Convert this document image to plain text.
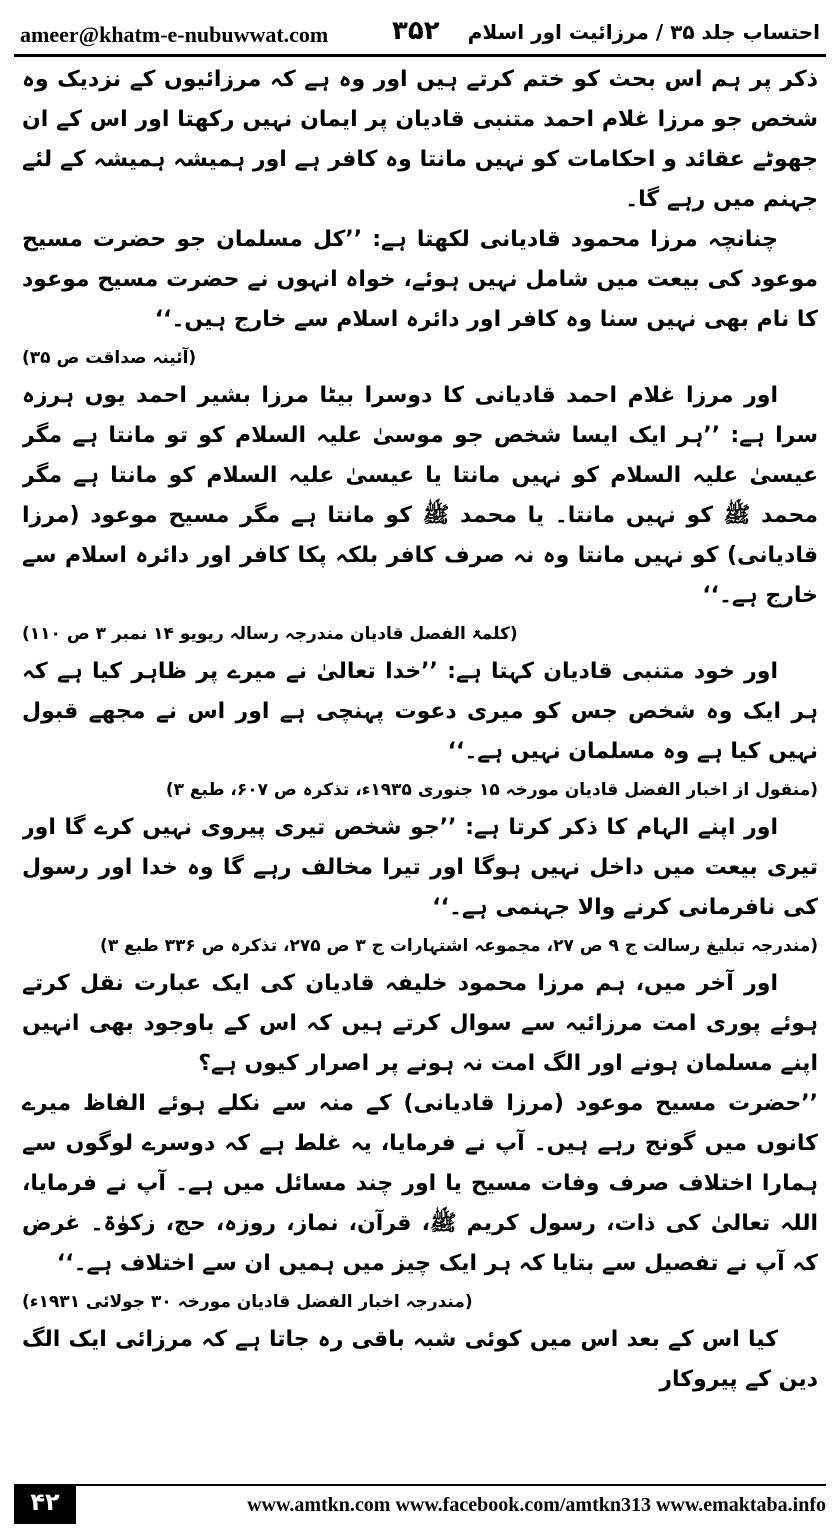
ameer@khatm-e-nubuwwat.com ۳۵۲ احتساب جلد ۳۵ / مرزائیت اور اسلام

ذکر پر ہم اس بحث کو ختم کرتے ہیں اور وہ ہے کہ مرزائیوں کے نزدیک وہ شخص جو مرزا غلام احمد متنبی قادیان پر ایمان نہیں رکھتا اور اس کے ان جھوٹے عقائد و احکامات کو نہیں مانتا وہ کافر ہے اور ہمیشہ ہمیشہ کے لئے جہنم میں رہے گا۔

چنانچہ مرزا محمود قادیانی لکھتا ہے: ’’کل مسلمان جو حضرت مسیح موعود کی بیعت میں شامل نہیں ہوئے، خواہ انہوں نے حضرت مسیح موعود کا نام بھی نہیں سنا وہ کافر اور دائرہ اسلام سے خارج ہیں۔‘‘

(آئینہ صداقت ص ۳۵)

اور مرزا غلام احمد قادیانی کا دوسرا بیٹا مرزا بشیر احمد یوں ہرزہ سرا ہے: ’’ہر ایک ایسا شخص جو موسیٰ علیہ السلام کو تو مانتا ہے مگر عیسیٰ علیہ السلام کو نہیں مانتا یا عیسیٰ علیہ السلام کو مانتا ہے مگر محمد ﷺ کو نہیں مانتا۔ یا محمد ﷺ کو مانتا ہے مگر مسیح موعود (مرزا قادیانی) کو نہیں مانتا وہ نہ صرف کافر بلکہ پکا کافر اور دائرہ اسلام سے خارج ہے۔‘‘

(کلمۃ الفصل قادیان مندرجہ رسالہ ریویو ۱۴ نمبر ۳ ص ۱۱۰)

اور خود متنبی قادیان کہتا ہے: ’’خدا تعالیٰ نے میرے پر ظاہر کیا ہے کہ ہر ایک وہ شخص جس کو میری دعوت پہنچی ہے اور اس نے مجھے قبول نہیں کیا ہے وہ مسلمان نہیں ہے۔‘‘

(منقول از اخبار الفضل قادیان مورخہ ۱۵ جنوری ۱۹۳۵ء، تذکرہ ص ۶۰۷، طبع ۳)

اور اپنے الہام کا ذکر کرتا ہے: ’’جو شخص تیری پیروی نہیں کرے گا اور تیری بیعت میں داخل نہیں ہوگا اور تیرا مخالف رہے گا وہ خدا اور رسول کی نافرمانی کرنے والا جہنمی ہے۔‘‘

(مندرجہ تبلیغ رسالت ج ۹ ص ۲۷، مجموعہ اشتہارات ج ۳ ص ۲۷۵، تذکرہ ص ۳۳۶ طبع ۳)

اور آخر میں، ہم مرزا محمود خلیفہ قادیان کی ایک عبارت نقل کرتے ہوئے پوری امت مرزائیہ سے سوال کرتے ہیں کہ اس کے باوجود بھی انہیں اپنے مسلمان ہونے اور الگ امت نہ ہونے پر اصرار کیوں ہے؟

’’حضرت مسیح موعود (مرزا قادیانی) کے منہ سے نکلے ہوئے الفاظ میرے کانوں میں گونج رہے ہیں۔ آپ نے فرمایا، یہ غلط ہے کہ دوسرے لوگوں سے ہمارا اختلاف صرف وفات مسیح یا اور چند مسائل میں ہے۔ آپ نے فرمایا، اللہ تعالیٰ کی ذات، رسول کریم ﷺ، قرآن، نماز، روزہ، حج، زکوٰۃ۔ غرض کہ آپ نے تفصیل سے بتایا کہ ہر ایک چیز میں ہمیں ان سے اختلاف ہے۔‘‘

(مندرجہ اخبار الفضل قادیان مورخہ ۳۰ جولائی ۱۹۳۱ء)

کیا اس کے بعد اس میں کوئی شبہ باقی رہ جاتا ہے کہ مرزائی ایک الگ دین کے پیروکار

۴۲	www.amtkn.com www.facebook.com/amtkn313 www.emaktaba.info
